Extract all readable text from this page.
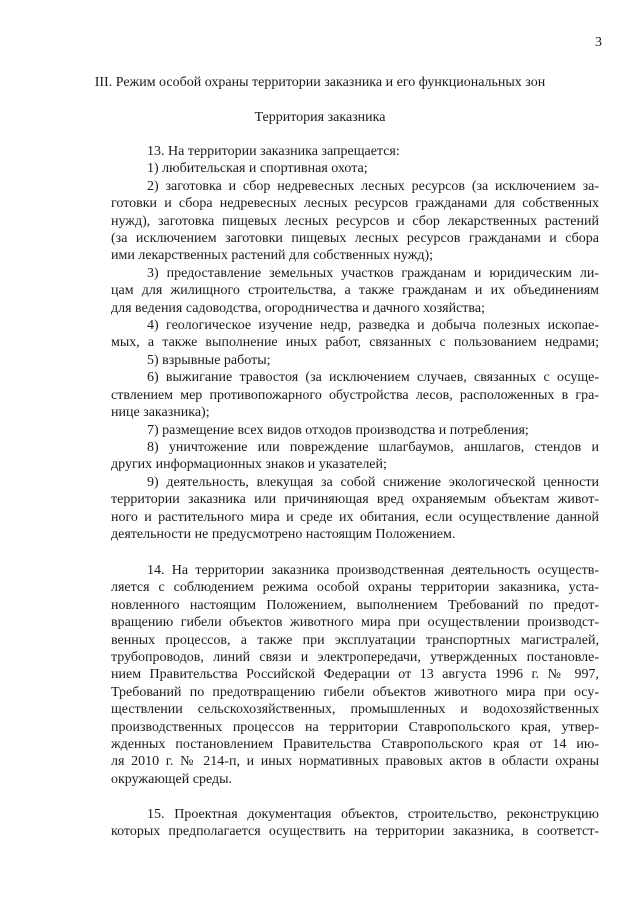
3
III. Режим особой охраны территории заказника и его функциональных зон
Территория заказника
13. На территории заказника запрещается:
1) любительская и спортивная охота;
2) заготовка и сбор недревесных лесных ресурсов (за исключением за-
готовки и сбора недревесных лесных ресурсов гражданами для собственных
нужд), заготовка пищевых лесных ресурсов и сбор лекарственных растений
(за исключением заготовки пищевых лесных ресурсов гражданами и сбора
ими лекарственных растений для собственных нужд);
3) предоставление земельных участков гражданам и юридическим ли-
цам для жилищного строительства, а также гражданам и их объединениям
для ведения садоводства, огородничества и дачного хозяйства;
4) геологическое изучение недр, разведка и добыча полезных ископае-
мых, а также выполнение иных работ, связанных с пользованием недрами;
5) взрывные работы;
6) выжигание травостоя (за исключением случаев, связанных с осуще-
ствлением мер противопожарного обустройства лесов, расположенных в гра-
нице заказника);
7) размещение всех видов отходов производства и потребления;
8) уничтожение или повреждение шлагбаумов, аншлагов, стендов и
других информационных знаков и указателей;
9) деятельность, влекущая за собой снижение экологической ценности
территории заказника или причиняющая вред охраняемым объектам живот-
ного и растительного мира и среде их обитания, если осуществление данной
деятельности не предусмотрено настоящим Положением.
14. На территории заказника производственная деятельность осуществ-
ляется с соблюдением режима особой охраны территории заказника, уста-
новленного настоящим Положением, выполнением Требований по предот-
вращению гибели объектов животного мира при осуществлении производст-
венных процессов, а также при эксплуатации транспортных магистралей,
трубопроводов, линий связи и электропередачи, утвержденных постановле-
нием Правительства Российской Федерации от 13 августа 1996 г. № 997,
Требований по предотвращению гибели объектов животного мира при осу-
ществлении сельскохозяйственных, промышленных и водохозяйственных
производственных процессов на территории Ставропольского края, утвер-
жденных постановлением Правительства Ставропольского края от 14 ию-
ля 2010 г. № 214-п, и иных нормативных правовых актов в области охраны
окружающей среды.
15. Проектная документация объектов, строительство, реконструкцию
которых предполагается осуществить на территории заказника, в соответст-
